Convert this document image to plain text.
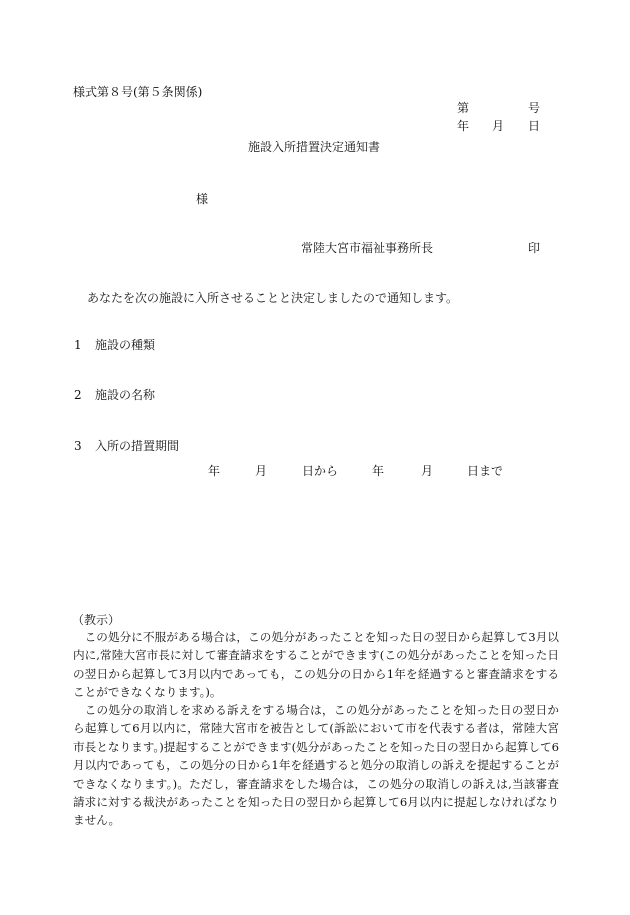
様式第８号(第５条関係)
第	号
年 月 日
施設入所措置決定通知書
様
常陸大宮市福祉事務所長	印
あなたを次の施設に入所させることと決定しましたので通知します。
1 施設の種類
2 施設の名称
3 入所の措置期間
年	月	日から	年	月	日まで
（教示）
この処分に不服がある場合は，この処分があったことを知った日の翌日から起算して3月以内に,常陸大宮市長に対して審査請求をすることができます(この処分があったことを知った日の翌日から起算して3月以内であっても，この処分の日から1年を経過すると審査請求をすることができなくなります。)。
この処分の取消しを求める訴えをする場合は，この処分があったことを知った日の翌日から起算して6月以内に，常陸大宮市を被告として(訴訟において市を代表する者は，常陸大宮市長となります。)提起することができます(処分があったことを知った日の翌日から起算して6月以内であっても，この処分の日から1年を経過すると処分の取消しの訴えを提起することができなくなります。)。ただし，審査請求をした場合は，この処分の取消しの訴えは,当該審査請求に対する裁決があったことを知った日の翌日から起算して6月以内に提起しなければなりません。
